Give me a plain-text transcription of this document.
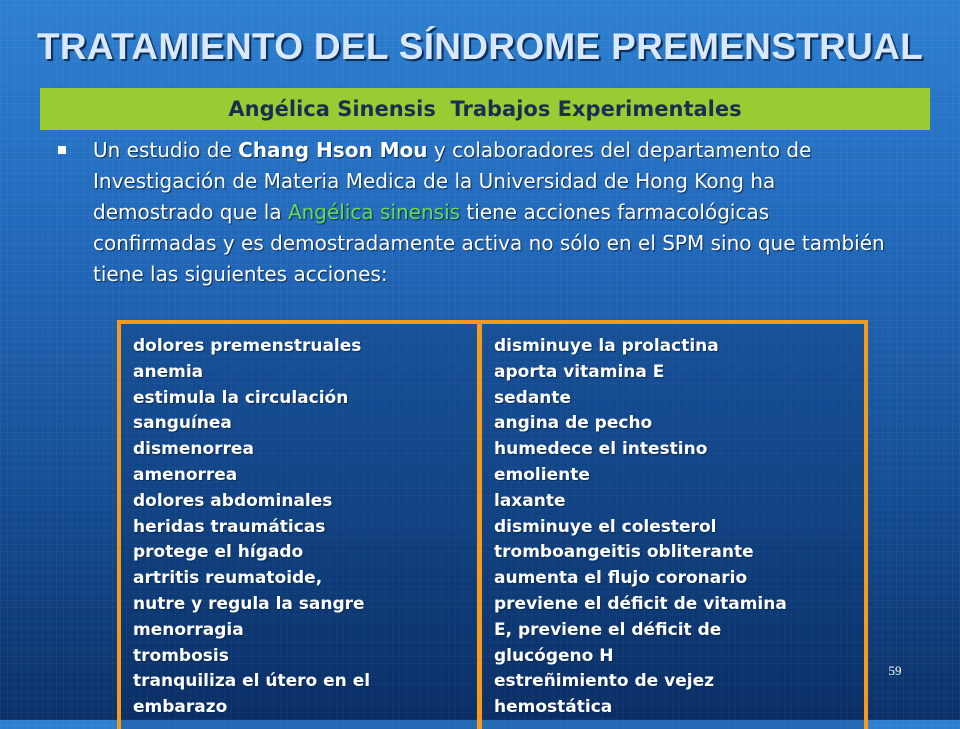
TRATAMIENTO DEL SÍNDROME PREMENSTRUAL
Angélica Sinensis  Trabajos Experimentales
Un estudio de Chang Hson Mou y colaboradores del departamento de Investigación de Materia Medica de la Universidad de Hong Kong ha demostrado que la Angélica sinensis tiene acciones farmacológicas confirmadas y es demostradamente activa no sólo en el SPM sino que también tiene las siguientes acciones:
dolores premenstruales
anemia
estimula la circulación
sanguínea
dismenorrea
amenorrea
dolores abdominales
heridas traumáticas
protege el hígado
artritis reumatoide,
nutre y regula la sangre
menorragia
trombosis
tranquiliza el útero en el
embarazo
disminuye la prolactina
aporta vitamina E
sedante
angina de pecho
humedece el intestino
emoliente
laxante
disminuye el colesterol
tromboangeitis obliterante
aumenta el flujo coronario
previene el déficit de vitamina
E, previene el déficit de
glucógeno H
estreñimiento de vejez
hemostática
59
